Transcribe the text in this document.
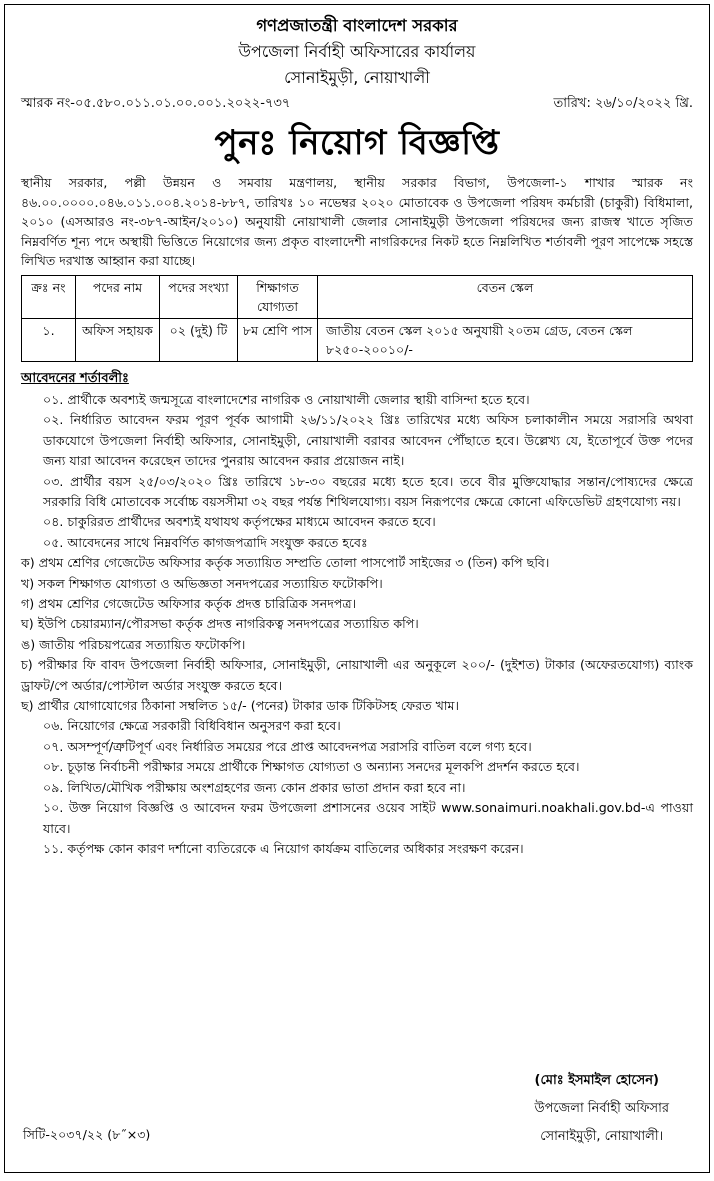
গণপ্রজাতন্ত্রী বাংলাদেশ সরকার
উপজেলা নির্বাহী অফিসারের কার্যালয়
সোনাইমুড়ী, নোয়াখালী
স্মারক নং-০৫.৫৮০.০১১.০১.০০.০০১.২০২২-৭৩৭	তারিখ: ২৬/১০/২০২২ খ্রি.
পুনঃ নিয়োগ বিজ্ঞপ্তি

স্থানীয় সরকার, পল্লী উন্নয়ন ও সমবায় মন্ত্রণালয়, স্থানীয় সরকার বিভাগ, উপজেলা-১ শাখার স্মারক নং ৪৬.০০.০০০০.০৪৬.০১১.০০৪.২০১৪-৮৮৭, তারিখঃ ১০ নভেম্বর ২০২০ মোতাবেক ও উপজেলা পরিষদ কর্মচারী (চাকুরী) বিধিমালা, ২০১০ (এসআরও নং-৩৮৭-আইন/২০১০) অনুযায়ী নোয়াখালী জেলার সোনাইমুড়ী উপজেলা পরিষদের জন্য রাজস্ব খাতে সৃজিত নিম্নবর্ণিত শূন্য পদে অস্থায়ী ভিত্তিতে নিয়োগের জন্য প্রকৃত বাংলাদেশী নাগরিকদের নিকট হতে নিম্নলিখিত শর্তাবলী পূরণ সাপেক্ষে সহস্তে লিখিত দরখাস্ত আহ্বান করা যাচ্ছে।

ক্রঃ নং	পদের নাম	পদের সংখ্যা	শিক্ষাগত যোগ্যতা	বেতন স্কেল
১.	অফিস সহায়ক	০২ (দুই) টি	৮ম শ্রেণি পাস	জাতীয় বেতন স্কেল ২০১৫ অনুযায়ী ২০তম গ্রেড, বেতন স্কেল ৮২৫০-২০০১০/-
আবেদনের শর্তাবলীঃ

০১. প্রার্থীকে অবশ্যই জন্মসূত্রে বাংলাদেশের নাগরিক ও নোয়াখালী জেলার স্থায়ী বাসিন্দা হতে হবে।

০২. নির্ধারিত আবেদন ফরম পূরণ পূর্বক আগামী ২৬/১১/২০২২ খ্রিঃ তারিখের মধ্যে অফিস চলাকালীন সময়ে সরাসরি অথবা ডাকযোগে উপজেলা নির্বাহী অফিসার, সোনাইমুড়ী, নোয়াখালী বরাবর আবেদন পৌঁছাতে হবে। উল্লেখ্য যে, ইতোপূর্বে উক্ত পদের জন্য যারা আবেদন করেছেন তাদের পুনরায় আবেদন করার প্রয়োজন নাই।

০৩. প্রার্থীর বয়স ২৫/০৩/২০২০ খ্রিঃ তারিখে ১৮-৩০ বছরের মধ্যে হতে হবে। তবে বীর মুক্তিযোদ্ধার সন্তান/পোষ্যদের ক্ষেত্রে সরকারি বিধি মোতাবেক সর্বোচ্চ বয়সসীমা ৩২ বছর পর্যন্ত শিথিলযোগ্য। বয়স নিরূপণের ক্ষেত্রে কোনো এফিডেভিট গ্রহণযোগ্য নয়।

০৪. চাকুরিরত প্রার্থীদের অবশ্যই যথাযথ কর্তৃপক্ষের মাধ্যমে আবেদন করতে হবে।

০৫. আবেদনের সাথে নিম্নবর্ণিত কাগজপত্রাদি সংযুক্ত করতে হবেঃ

ক) প্রথম শ্রেণির গেজেটেড অফিসার কর্তৃক সত্যায়িত সম্প্রতি তোলা পাসপোর্ট সাইজের ৩ (তিন) কপি ছবি।

খ) সকল শিক্ষাগত যোগ্যতা ও অভিজ্ঞতা সনদপত্রের সত্যায়িত ফটোকপি।

গ) প্রথম শ্রেণির গেজেটেড অফিসার কর্তৃক প্রদত্ত চারিত্রিক সনদপত্র।

ঘ) ইউপি চেয়ারম্যান/পৌরসভা কর্তৃক প্রদত্ত নাগরিকত্ব সনদপত্রের সত্যায়িত কপি।

ঙ) জাতীয় পরিচয়পত্রের সত্যায়িত ফটোকপি।

চ) পরীক্ষার ফি বাবদ উপজেলা নির্বাহী অফিসার, সোনাইমুড়ী, নোয়াখালী এর অনুকূলে ২০০/- (দুইশত) টাকার (অফেরতযোগ্য) ব্যাংক ড্রাফট/পে অর্ডার/পোস্টাল অর্ডার সংযুক্ত করতে হবে।

ছ) প্রার্থীর যোগাযোগের ঠিকানা সম্বলিত ১৫/- (পনের) টাকার ডাক টিকিটসহ ফেরত খাম।

০৬. নিয়োগের ক্ষেত্রে সরকারী বিধিবিধান অনুসরণ করা হবে।

০৭. অসম্পূর্ণ/ত্রুটিপূর্ণ এবং নির্ধারিত সময়ের পরে প্রাপ্ত আবেদনপত্র সরাসরি বাতিল বলে গণ্য হবে।

০৮. চূড়ান্ত নির্বাচনী পরীক্ষার সময়ে প্রার্থীকে শিক্ষাগত যোগ্যতা ও অন্যান্য সনদের মূলকপি প্রদর্শন করতে হবে।

০৯. লিখিত/মৌখিক পরীক্ষায় অংশগ্রহণের জন্য কোন প্রকার ভাতা প্রদান করা হবে না।

১০. উক্ত নিয়োগ বিজ্ঞপ্তি ও আবেদন ফরম উপজেলা প্রশাসনের ওয়েব সাইট www.sonaimuri.noakhali.gov.bd-এ পাওয়া যাবে।

১১. কর্তৃপক্ষ কোন কারণ দর্শানো ব্যতিরেকে এ নিয়োগ কার্যক্রম বাতিলের অধিকার সংরক্ষণ করেন।

(মোঃ ইসমাইল হোসেন)
উপজেলা নির্বাহী অফিসার
সোনাইমুড়ী, নোয়াখালী।
সিটি-২০৩৭/২২ (৮˝×৩)
